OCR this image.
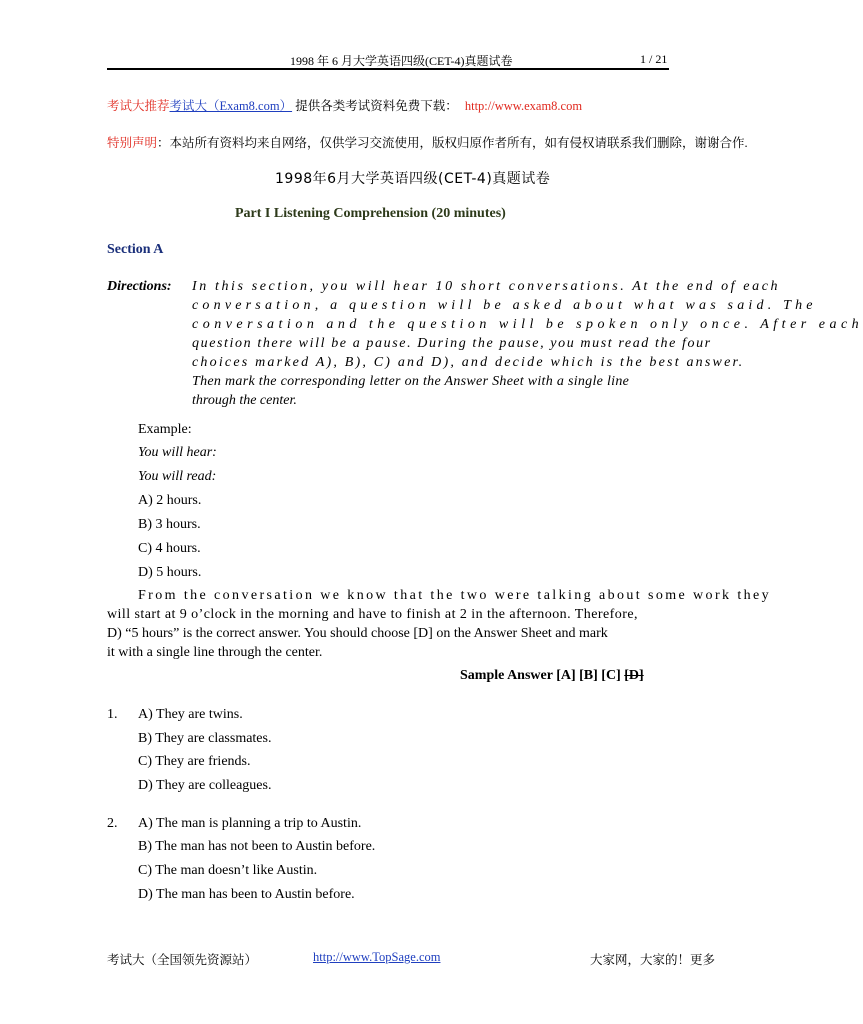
1998 年 6 月大学英语四级(CET-4)真题试卷	1 / 21
考试大推荐考试大（Exam8.com） 提供各类考试资料免费下载： http://www.exam8.com
特别声明：本站所有资料均来自网络，仅供学习交流使用，版权归原作者所有，如有侵权请联系我们删除，谢谢合作.
1998年6月大学英语四级(CET-4)真题试卷
Part I Listening Comprehension (20 minutes)
Section A
Directions: In this section, you will hear 10 short conversations. At the end of each
conversation, a question will be asked about what was said. The
conversation and the question will be spoken only once. After each
question there will be a pause. During the pause, you must read the four
choices marked A), B), C) and D), and decide which is the best answer.
Then mark the corresponding letter on the Answer Sheet with a single line
through the center.
Example:
You will hear:
You will read:
A) 2 hours.
B) 3 hours.
C) 4 hours.
D) 5 hours.
From the conversation we know that the two were talking about some work they
will start at 9 o’clock in the morning and have to finish at 2 in the afternoon. Therefore,
D) “5 hours” is the correct answer. You should choose [D] on the Answer Sheet and mark
it with a single line through the center.
Sample Answer [A] [B] [C] [D]
1. A) They are twins.
B) They are classmates.
C) They are friends.
D) They are colleagues.
2. A) The man is planning a trip to Austin.
B) The man has not been to Austin before.
C) The man doesn’t like Austin.
D) The man has been to Austin before.
考试大（全国领先资源站）	http://www.TopSage.com	大家网，大家的！更多
